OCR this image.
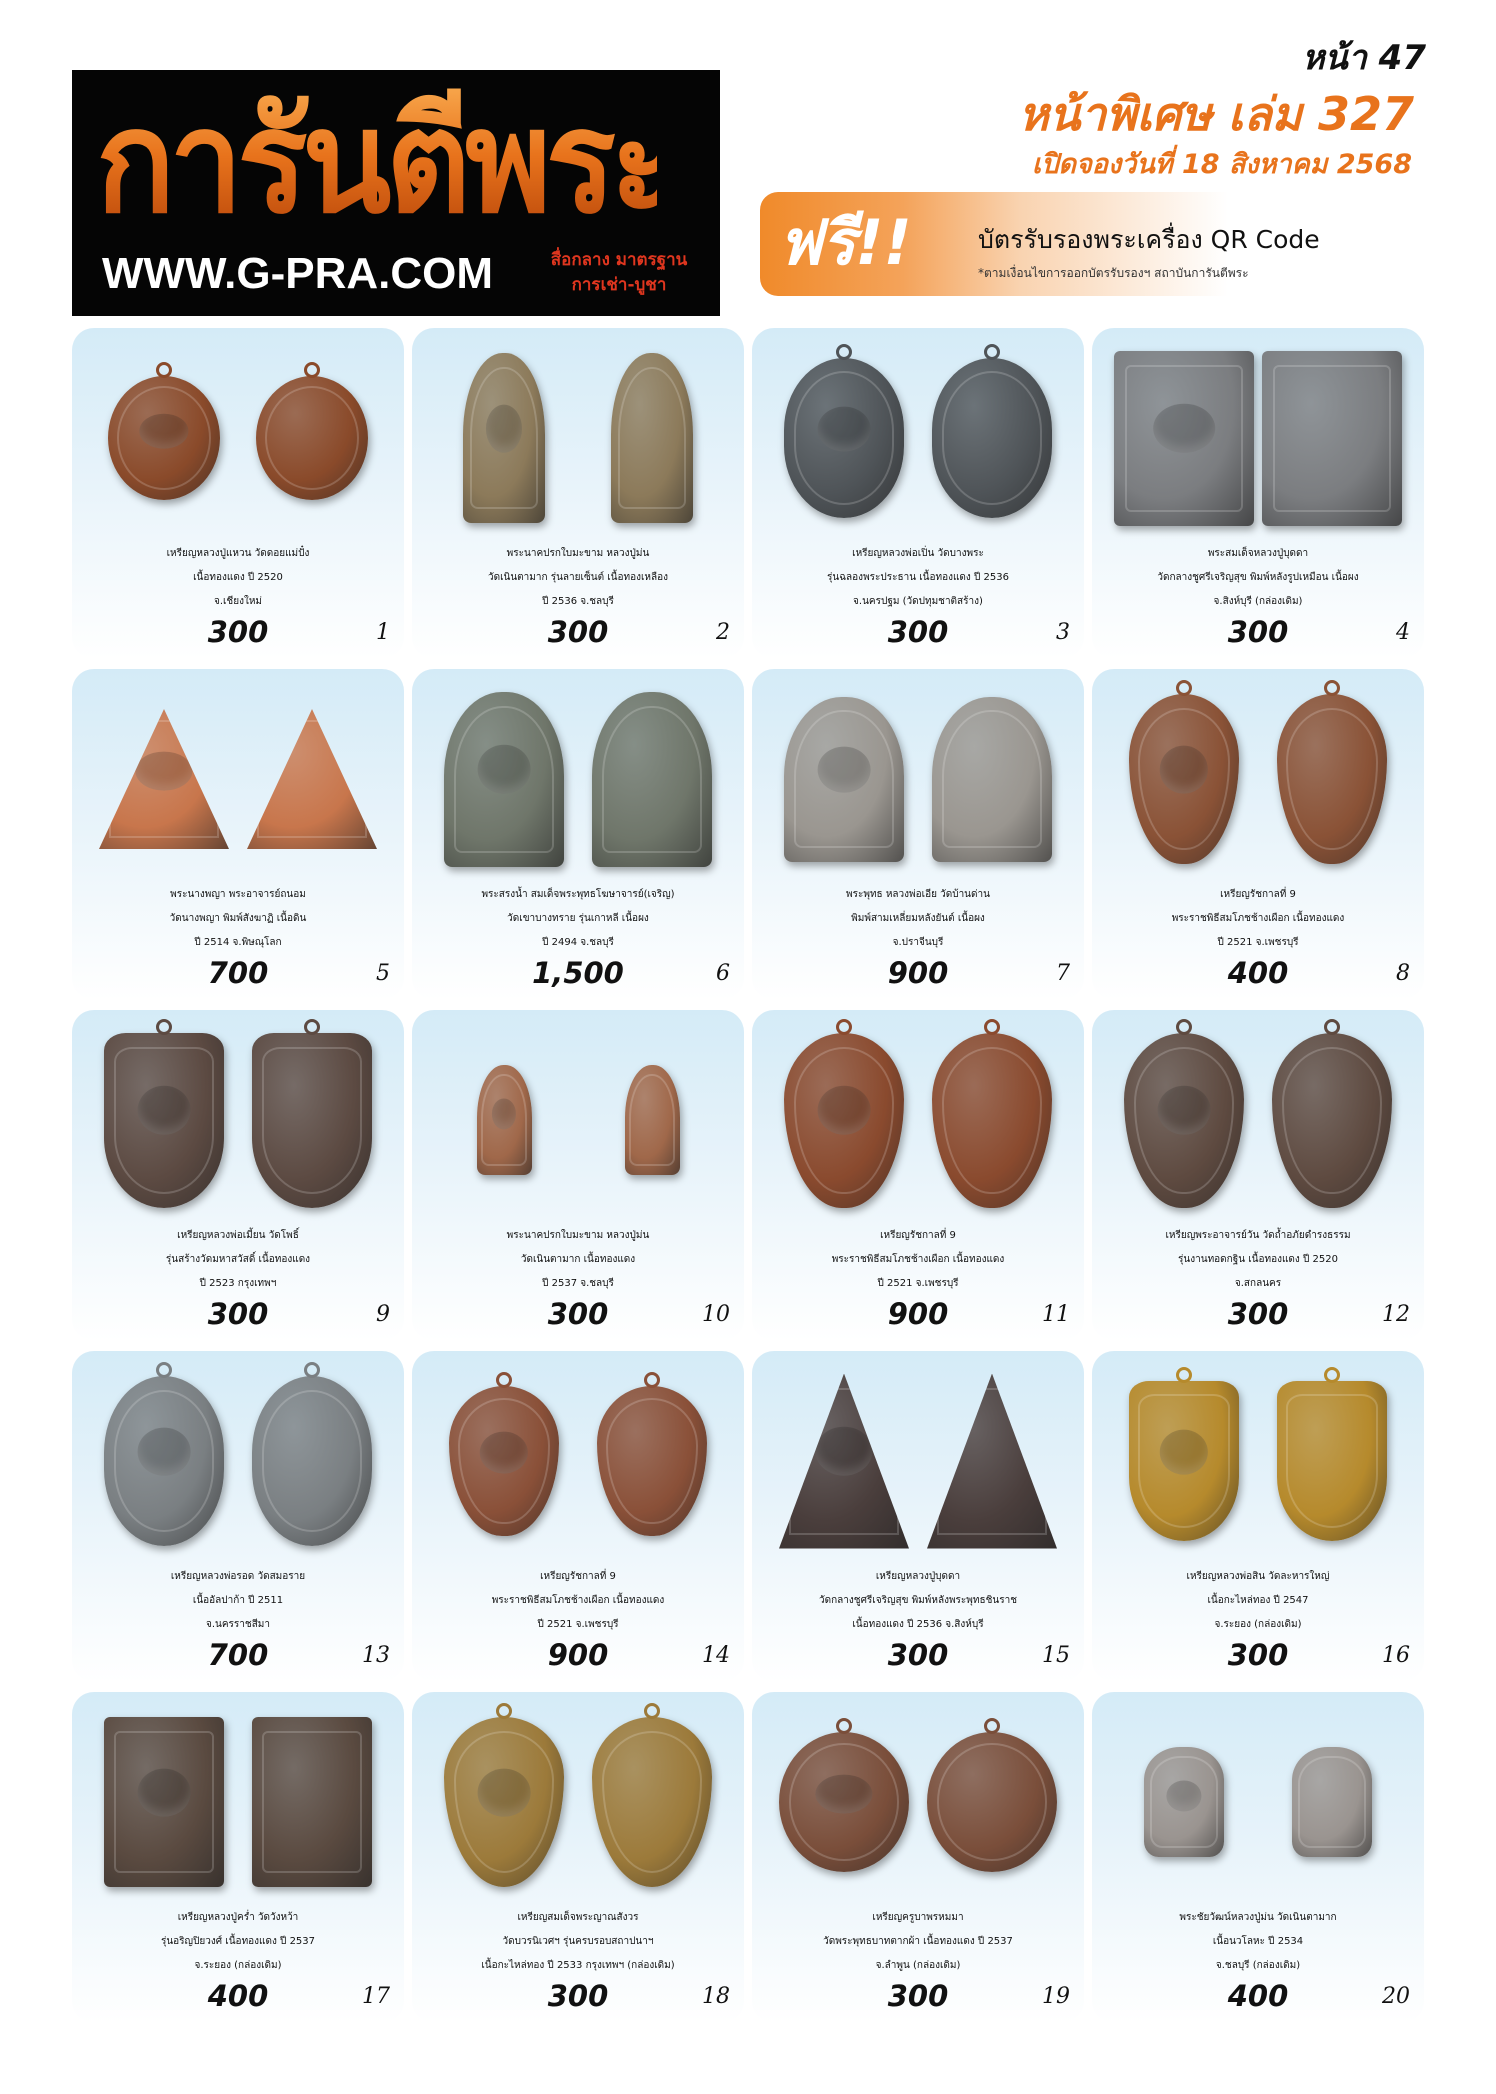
การันตีพระ
WWW.G-PRA.COM	สื่อกลาง มาตรฐาน
การเช่า-บูชา
หน้า 47
หน้าพิเศษ เล่ม 327
เปิดจองวันที่ 18 สิงหาคม 2568
ฟรี!!	บัตรรับรองพระเครื่อง QR Code
*ตามเงื่อนไขการออกบัตรรับรองฯ สถาบันการันตีพระ
เหรียญหลวงปู่แหวน วัดดอยแม่ปั๋ง
เนื้อทองแดง ปี 2520
จ.เชียงใหม่
300	1
พระนาคปรกใบมะขาม หลวงปู่ม่น
วัดเนินตามาก รุ่นลายเซ็นต์ เนื้อทองเหลือง
ปี 2536 จ.ชลบุรี
300	2
เหรียญหลวงพ่อเปิ่น วัดบางพระ
รุ่นฉลองพระประธาน เนื้อทองแดง ปี 2536
จ.นครปฐม (วัดปทุมชาติสร้าง)
300	3
พระสมเด็จหลวงปู่บุดดา
วัดกลางชูศรีเจริญสุข พิมพ์หลังรูปเหมือน เนื้อผง
จ.สิงห์บุรี (กล่องเดิม)
300	4
พระนางพญา พระอาจารย์ถนอม
วัดนางพญา พิมพ์สังฆาฏิ เนื้อดิน
ปี 2514 จ.พิษณุโลก
700	5
พระสรงน้ำ สมเด็จพระพุทธโฆษาจารย์(เจริญ)
วัดเขาบางทราย รุ่นเกาหลี เนื้อผง
ปี 2494 จ.ชลบุรี
1,500	6
พระพุทธ หลวงพ่อเอีย วัดบ้านด่าน
พิมพ์สามเหลี่ยมหลังยันต์ เนื้อผง
จ.ปราจีนบุรี
900	7
เหรียญรัชกาลที่ 9
พระราชพิธีสมโภชช้างเผือก เนื้อทองแดง
ปี 2521 จ.เพชรบุรี
400	8
เหรียญหลวงพ่อเมี้ยน วัดโพธิ์
รุ่นสร้างวัดมหาสวัสดิ์ เนื้อทองแดง
ปี 2523 กรุงเทพฯ
300	9
พระนาคปรกใบมะขาม หลวงปู่ม่น
วัดเนินตามาก เนื้อทองแดง
ปี 2537 จ.ชลบุรี
300	10
เหรียญรัชกาลที่ 9
พระราชพิธีสมโภชช้างเผือก เนื้อทองแดง
ปี 2521 จ.เพชรบุรี
900	11
เหรียญพระอาจารย์วัน วัดถ้ำอภัยดำรงธรรม
รุ่นงานทอดกฐิน เนื้อทองแดง ปี 2520
จ.สกลนคร
300	12
เหรียญหลวงพ่อรอด วัดสมอราย
เนื้ออัลปาก้า ปี 2511
จ.นครราชสีมา
700	13
เหรียญรัชกาลที่ 9
พระราชพิธีสมโภชช้างเผือก เนื้อทองแดง
ปี 2521 จ.เพชรบุรี
900	14
เหรียญหลวงปู่บุดดา
วัดกลางชูศรีเจริญสุข พิมพ์หลังพระพุทธชินราช
เนื้อทองแดง ปี 2536 จ.สิงห์บุรี
300	15
เหรียญหลวงพ่อสิน วัดละหารใหญ่
เนื้อกะไหล่ทอง ปี 2547
จ.ระยอง (กล่องเดิม)
300	16
เหรียญหลวงปู่คร่ำ วัดวังหว้า
รุ่นอริญปิยวงศ์ เนื้อทองแดง ปี 2537
จ.ระยอง (กล่องเดิม)
400	17
เหรียญสมเด็จพระญาณสังวร
วัดบวรนิเวศฯ รุ่นครบรอบสถาปนาฯ
เนื้อกะไหล่ทอง ปี 2533 กรุงเทพฯ (กล่องเดิม)
300	18
เหรียญครูบาพรหมมา
วัดพระพุทธบาทตากผ้า เนื้อทองแดง ปี 2537
จ.ลำพูน (กล่องเดิม)
300	19
พระชัยวัฒน์หลวงปู่ม่น วัดเนินตามาก
เนื้อนวโลหะ ปี 2534
จ.ชลบุรี (กล่องเดิม)
400	20
